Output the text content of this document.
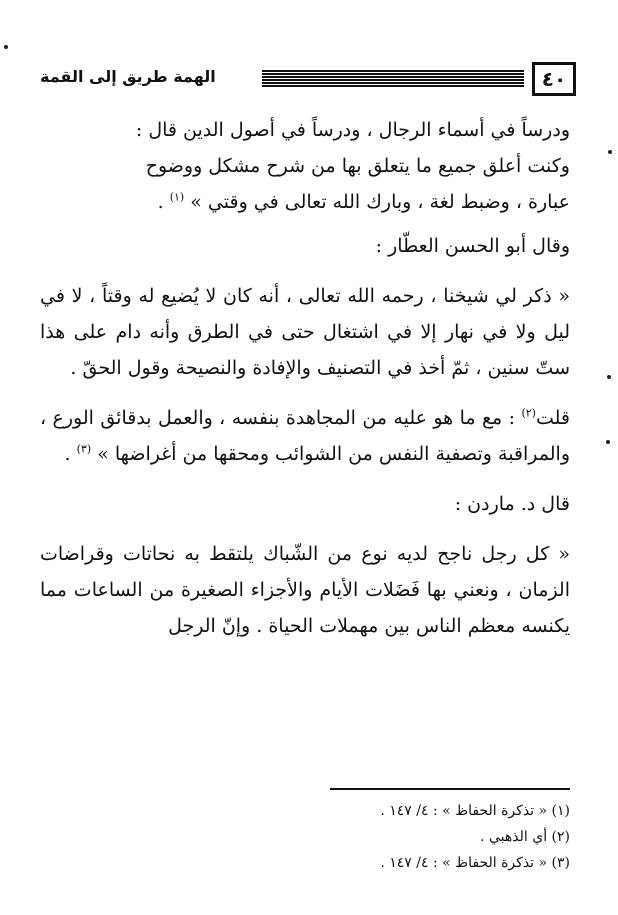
٤٠
الهمة طريق إلى القمة

ودرساً في أسماء الرجال ، ودرساً في أصول الدين قال :

وكنت أعلق جميع ما يتعلق بها من شرح مشكل ووضوح

عبارة ، وضبط لغة ، وبارك الله تعالى في وقتي » $^{(١)}$ .

وقال أبو الحسن العطّار :

« ذكر لي شيخنا ، رحمه الله تعالى ، أنه كان لا يُضيع له وقتاً ، لا في ليل ولا في نهار إلا في اشتغال حتى في الطرق وأنه دام على هذا ستّ سنين ، ثمّ أخذ في التصنيف والإفادة والنصيحة وقول الحقّ .

قلت$^{(٢)}$ : مع ما هو عليه من المجاهدة بنفسه ، والعمل بدقائق الورع ، والمراقبة وتصفية النفس من الشوائب ومحقها من أغراضها » $^{(٣)}$ .

قال د. ماردن :

« كل رجل ناجح لديه نوع من الشّباك يلتقط به نحاتات وقراضات الزمان ، ونعني بها فَضَلات الأيام والأجزاء الصغيرة من الساعات مما يكنسه معظم الناس بين مهملات الحياة . وإنّ الرجل

(١) « تذكرة الحفاظ » : ٤/ ١٤٧ .
(٢) أي الذهبي .
(٣) « تذكرة الحفاظ » : ٤/ ١٤٧ .
